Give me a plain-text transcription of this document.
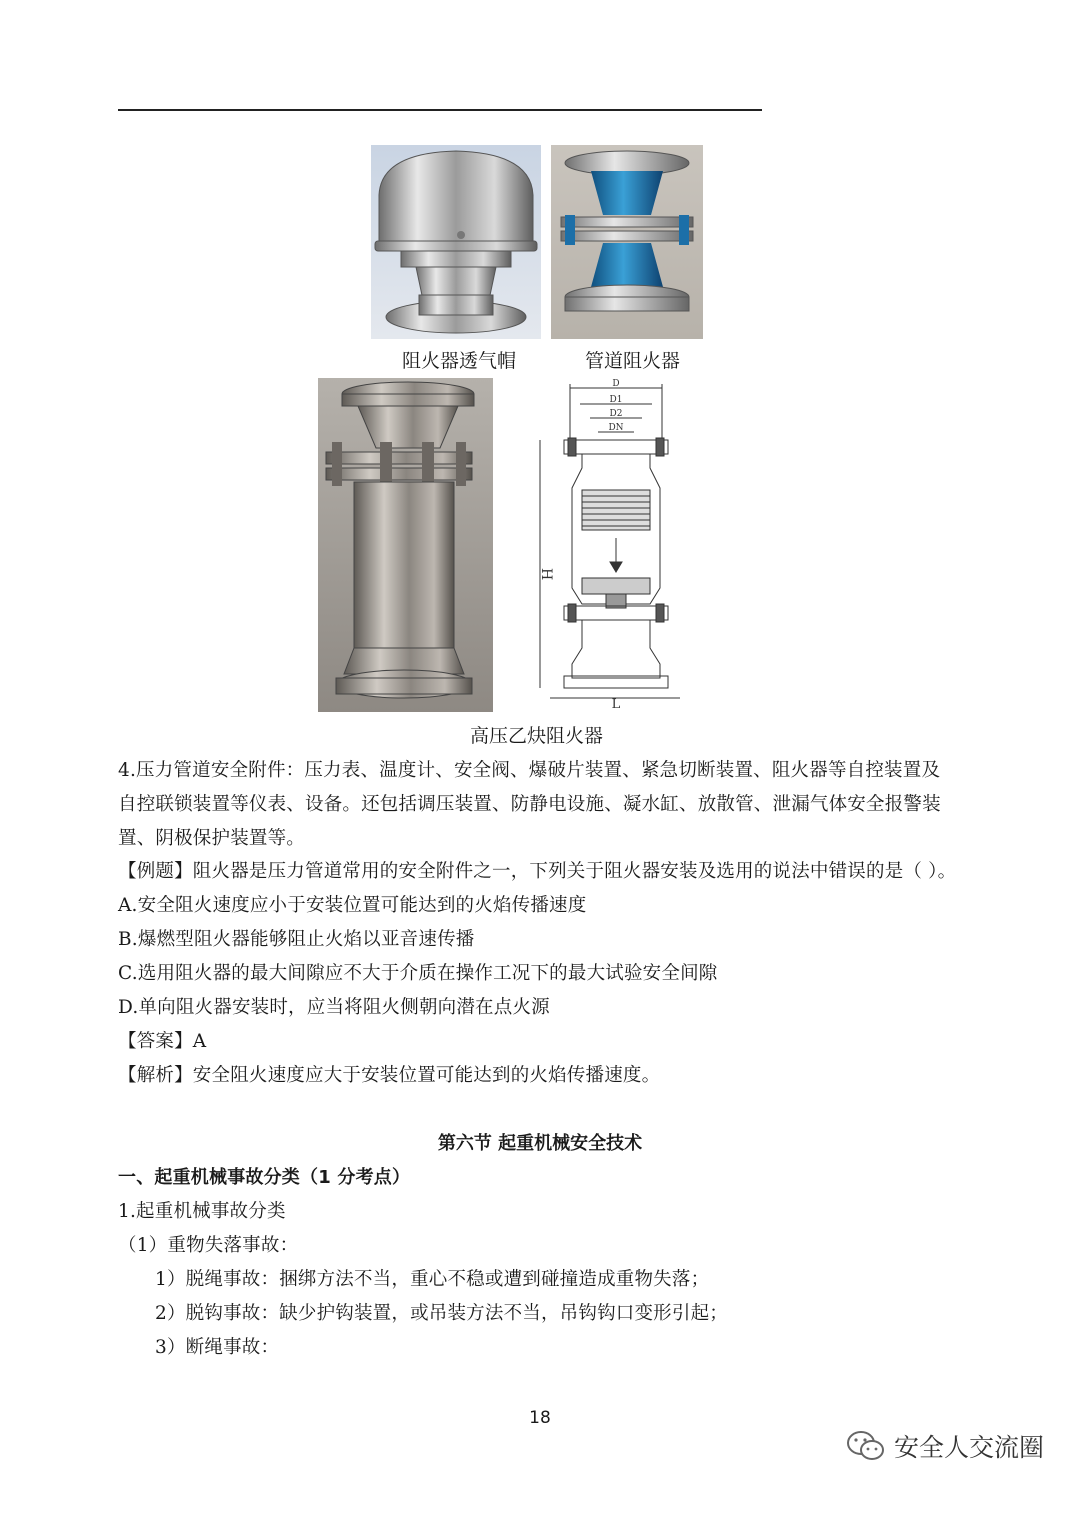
阻火器透气帽	管道阻火器
D
D1
D2
DN
H
L
高压乙炔阻火器
4.压力管道安全附件：压力表、温度计、安全阀、爆破片装置、紧急切断装置、阻火器等自控装置及
自控联锁装置等仪表、设备。还包括调压装置、防静电设施、凝水缸、放散管、泄漏气体安全报警装
置、阴极保护装置等。
【例题】阻火器是压力管道常用的安全附件之一，下列关于阻火器安装及选用的说法中错误的是（ ）。
A.安全阻火速度应小于安装位置可能达到的火焰传播速度
B.爆燃型阻火器能够阻止火焰以亚音速传播
C.选用阻火器的最大间隙应不大于介质在操作工况下的最大试验安全间隙
D.单向阻火器安装时，应当将阻火侧朝向潜在点火源
【答案】A
【解析】安全阻火速度应大于安装位置可能达到的火焰传播速度。
第六节 起重机械安全技术
一、起重机械事故分类（1 分考点）
1.起重机械事故分类
（1）重物失落事故：
1）脱绳事故：捆绑方法不当，重心不稳或遭到碰撞造成重物失落；
2）脱钩事故：缺少护钩装置，或吊装方法不当，吊钩钩口变形引起；
3）断绳事故：
18
安全人交流圈
